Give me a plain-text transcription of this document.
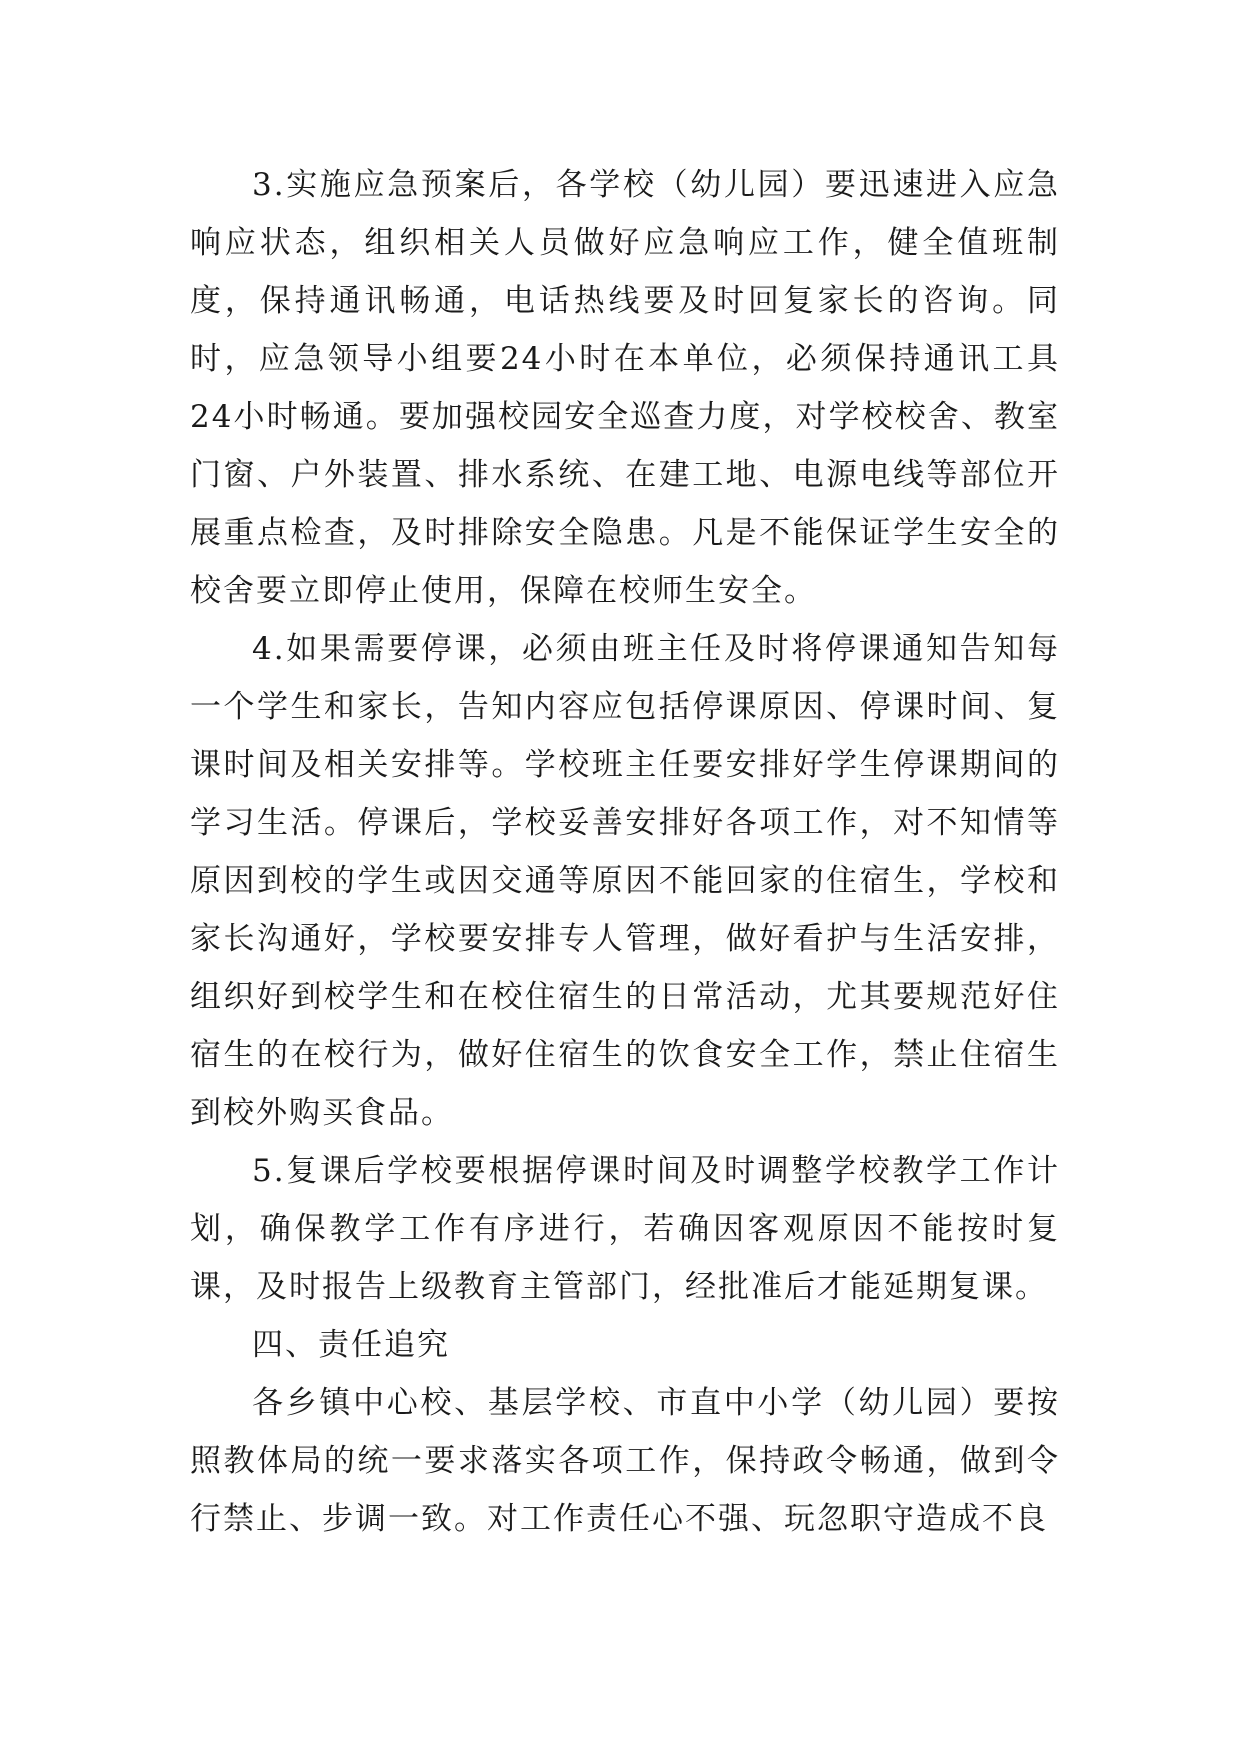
3.实施应急预案后，各学校（幼儿园）要迅速进入应急响应状态，组织相关人员做好应急响应工作，健全值班制度，保持通讯畅通，电话热线要及时回复家长的咨询。同时，应急领导小组要24小时在本单位，必须保持通讯工具24小时畅通。要加强校园安全巡查力度，对学校校舍、教室门窗、户外装置、排水系统、在建工地、电源电线等部位开展重点检查，及时排除安全隐患。凡是不能保证学生安全的校舍要立即停止使用，保障在校师生安全。

4.如果需要停课，必须由班主任及时将停课通知告知每一个学生和家长，告知内容应包括停课原因、停课时间、复课时间及相关安排等。学校班主任要安排好学生停课期间的学习生活。停课后，学校妥善安排好各项工作，对不知情等原因到校的学生或因交通等原因不能回家的住宿生，学校和家长沟通好，学校要安排专人管理，做好看护与生活安排，组织好到校学生和在校住宿生的日常活动，尤其要规范好住宿生的在校行为，做好住宿生的饮食安全工作，禁止住宿生到校外购买食品。

5.复课后学校要根据停课时间及时调整学校教学工作计划，确保教学工作有序进行，若确因客观原因不能按时复课，及时报告上级教育主管部门，经批准后才能延期复课。

四、责任追究

各乡镇中心校、基层学校、市直中小学（幼儿园）要按照教体局的统一要求落实各项工作，保持政令畅通，做到令行禁止、步调一致。对工作责任心不强、玩忽职守造成不良
